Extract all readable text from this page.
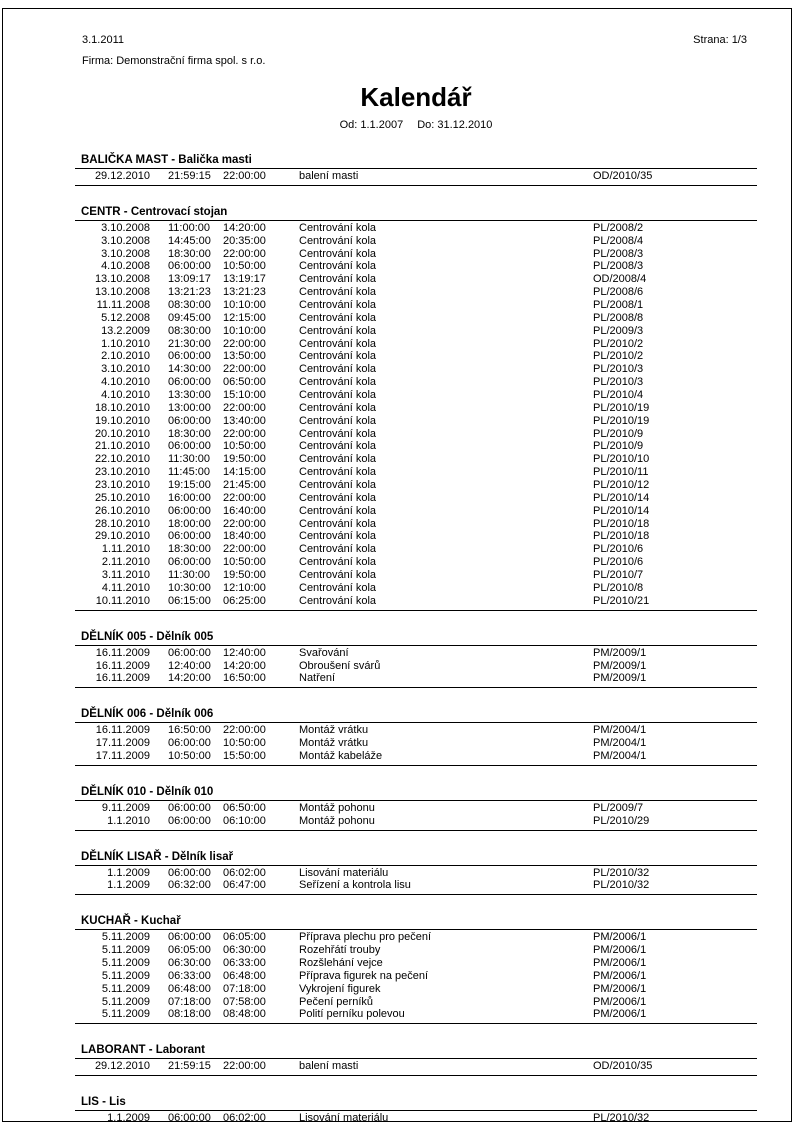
3.1.2011	Strana: 1/3
Firma: Demonstrační firma spol. s r.o.
Kalendář
Od: 1.1.2007 Do: 31.12.2010
BALIČKA MAST - Balička masti
29.12.2010	21:59:15	22:00:00	balení masti	OD/2010/35
CENTR - Centrovací stojan
3.10.2008	11:00:00	14:20:00	Centrování kola	PL/2008/2
3.10.2008	14:45:00	20:35:00	Centrování kola	PL/2008/4
3.10.2008	18:30:00	22:00:00	Centrování kola	PL/2008/3
4.10.2008	06:00:00	10:50:00	Centrování kola	PL/2008/3
13.10.2008	13:09:17	13:19:17	Centrování kola	OD/2008/4
13.10.2008	13:21:23	13:21:23	Centrování kola	PL/2008/6
11.11.2008	08:30:00	10:10:00	Centrování kola	PL/2008/1
5.12.2008	09:45:00	12:15:00	Centrování kola	PL/2008/8
13.2.2009	08:30:00	10:10:00	Centrování kola	PL/2009/3
1.10.2010	21:30:00	22:00:00	Centrování kola	PL/2010/2
2.10.2010	06:00:00	13:50:00	Centrování kola	PL/2010/2
3.10.2010	14:30:00	22:00:00	Centrování kola	PL/2010/3
4.10.2010	06:00:00	06:50:00	Centrování kola	PL/2010/3
4.10.2010	13:30:00	15:10:00	Centrování kola	PL/2010/4
18.10.2010	13:00:00	22:00:00	Centrování kola	PL/2010/19
19.10.2010	06:00:00	13:40:00	Centrování kola	PL/2010/19
20.10.2010	18:30:00	22:00:00	Centrování kola	PL/2010/9
21.10.2010	06:00:00	10:50:00	Centrování kola	PL/2010/9
22.10.2010	11:30:00	19:50:00	Centrování kola	PL/2010/10
23.10.2010	11:45:00	14:15:00	Centrování kola	PL/2010/11
23.10.2010	19:15:00	21:45:00	Centrování kola	PL/2010/12
25.10.2010	16:00:00	22:00:00	Centrování kola	PL/2010/14
26.10.2010	06:00:00	16:40:00	Centrování kola	PL/2010/14
28.10.2010	18:00:00	22:00:00	Centrování kola	PL/2010/18
29.10.2010	06:00:00	18:40:00	Centrování kola	PL/2010/18
1.11.2010	18:30:00	22:00:00	Centrování kola	PL/2010/6
2.11.2010	06:00:00	10:50:00	Centrování kola	PL/2010/6
3.11.2010	11:30:00	19:50:00	Centrování kola	PL/2010/7
4.11.2010	10:30:00	12:10:00	Centrování kola	PL/2010/8
10.11.2010	06:15:00	06:25:00	Centrování kola	PL/2010/21
DĚLNÍK 005 - Dělník 005
16.11.2009	06:00:00	12:40:00	Svařování	PM/2009/1
16.11.2009	12:40:00	14:20:00	Obroušení svárů	PM/2009/1
16.11.2009	14:20:00	16:50:00	Natření	PM/2009/1
DĚLNÍK 006 - Dělník 006
16.11.2009	16:50:00	22:00:00	Montáž vrátku	PM/2004/1
17.11.2009	06:00:00	10:50:00	Montáž vrátku	PM/2004/1
17.11.2009	10:50:00	15:50:00	Montáž kabeláže	PM/2004/1
DĚLNÍK 010 - Dělník 010
9.11.2009	06:00:00	06:50:00	Montáž pohonu	PL/2009/7
1.1.2010	06:00:00	06:10:00	Montáž pohonu	PL/2010/29
DĚLNÍK LISAŘ - Dělník lisař
1.1.2009	06:00:00	06:02:00	Lisování materiálu	PL/2010/32
1.1.2009	06:32:00	06:47:00	Seřízení a kontrola lisu	PL/2010/32
KUCHAŘ - Kuchař
5.11.2009	06:00:00	06:05:00	Příprava plechu pro pečení	PM/2006/1
5.11.2009	06:05:00	06:30:00	Rozehřátí trouby	PM/2006/1
5.11.2009	06:30:00	06:33:00	Rozšlehání vejce	PM/2006/1
5.11.2009	06:33:00	06:48:00	Příprava figurek na pečení	PM/2006/1
5.11.2009	06:48:00	07:18:00	Vykrojení figurek	PM/2006/1
5.11.2009	07:18:00	07:58:00	Pečení perníků	PM/2006/1
5.11.2009	08:18:00	08:48:00	Polití perníku polevou	PM/2006/1
LABORANT - Laborant
29.12.2010	21:59:15	22:00:00	balení masti	OD/2010/35
LIS - Lis
1.1.2009	06:00:00	06:02:00	Lisování materiálu	PL/2010/32
